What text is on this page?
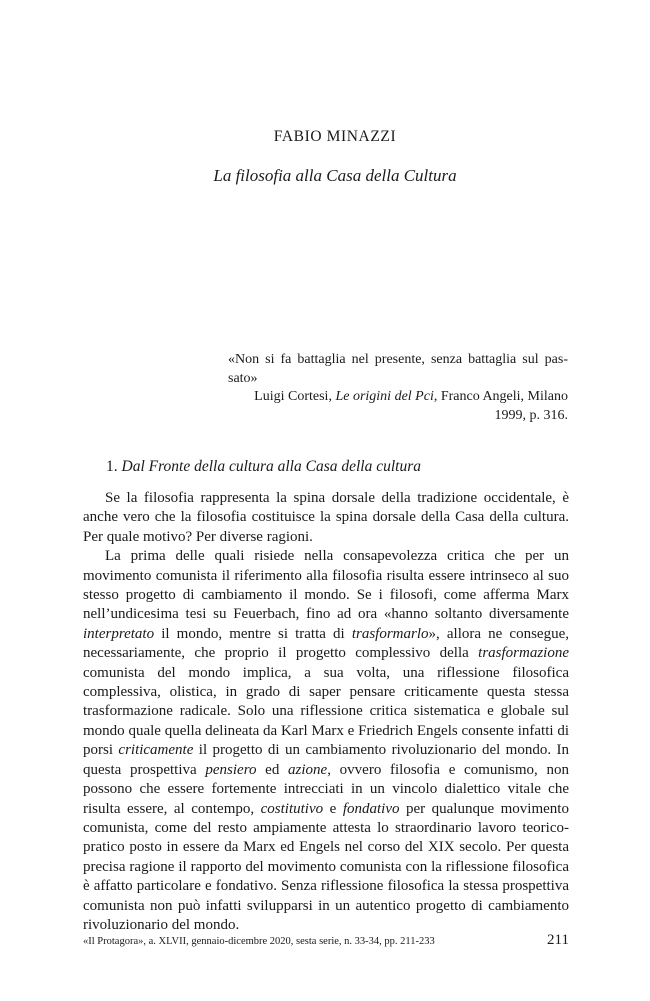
FABIO MINAZZI
La filosofia alla Casa della Cultura
«Non si fa battaglia nel presente, senza battaglia sul passato»
Luigi Cortesi, Le origini del Pci, Franco Angeli, Milano 1999, p. 316.
1. Dal Fronte della cultura alla Casa della cultura

Se la filosofia rappresenta la spina dorsale della tradizione occidentale, è anche vero che la filosofia costituisce la spina dorsale della Casa della cultura. Per quale motivo? Per diverse ragioni.

La prima delle quali risiede nella consapevolezza critica che per un movimento comunista il riferimento alla filosofia risulta essere intrinseco al suo stesso progetto di cambiamento il mondo. Se i filosofi, come afferma Marx nell’undicesima tesi su Feuerbach, fino ad ora «hanno soltanto diversamente interpretato il mondo, mentre si tratta di trasformarlo», allora ne consegue, necessariamente, che proprio il progetto complessivo della trasformazione comunista del mondo implica, a sua volta, una riflessione filosofica complessiva, olistica, in grado di saper pensare criticamente questa stessa trasformazione radicale. Solo una riflessione critica sistematica e globale sul mondo quale quella delineata da Karl Marx e Friedrich Engels consente infatti di porsi criticamente il progetto di un cambiamento rivoluzionario del mondo. In questa prospettiva pensiero ed azione, ovvero filosofia e comunismo, non possono che essere fortemente intrecciati in un vincolo dialettico vitale che risulta essere, al contempo, costitutivo e fondativo per qualunque movimento comunista, come del resto ampiamente attesta lo straordinario lavoro teorico-pratico posto in essere da Marx ed Engels nel corso del XIX secolo. Per questa precisa ragione il rapporto del movimento comunista con la riflessione filosofica è affatto particolare e fondativo. Senza riflessione filosofica la stessa prospettiva comunista non può infatti svilupparsi in un autentico progetto di cambiamento rivoluzionario del mondo.

«Il Protagora», a. XLVII, gennaio-dicembre 2020, sesta serie, n. 33-34, pp. 211-233	211
